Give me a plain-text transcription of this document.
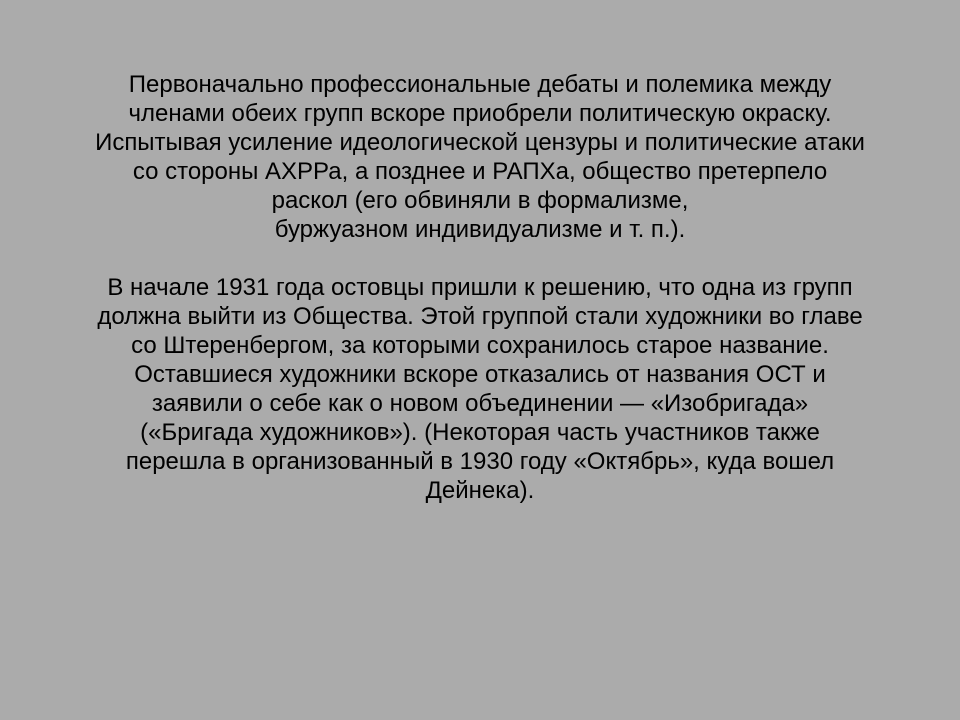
Первоначально профессиональные дебаты и полемика между
членами обеих групп вскоре приобрели политическую окраску.
Испытывая усиление идеологической цензуры и политические атаки
со стороны АХРРа, а позднее и РАПХа, общество претерпело
раскол (его обвиняли в формализме,
буржуазном индивидуализме и т. п.).
В начале 1931 года остовцы пришли к решению, что одна из групп
должна выйти из Общества. Этой группой стали художники во главе
со Штеренбергом, за которыми сохранилось старое название.
Оставшиеся художники вскоре отказались от названия ОСТ и
заявили о себе как о новом объединении — «Изобригада»
(«Бригада художников»). (Некоторая часть участников также
перешла в организованный в 1930 году «Октябрь», куда вошел
Дейнека).
